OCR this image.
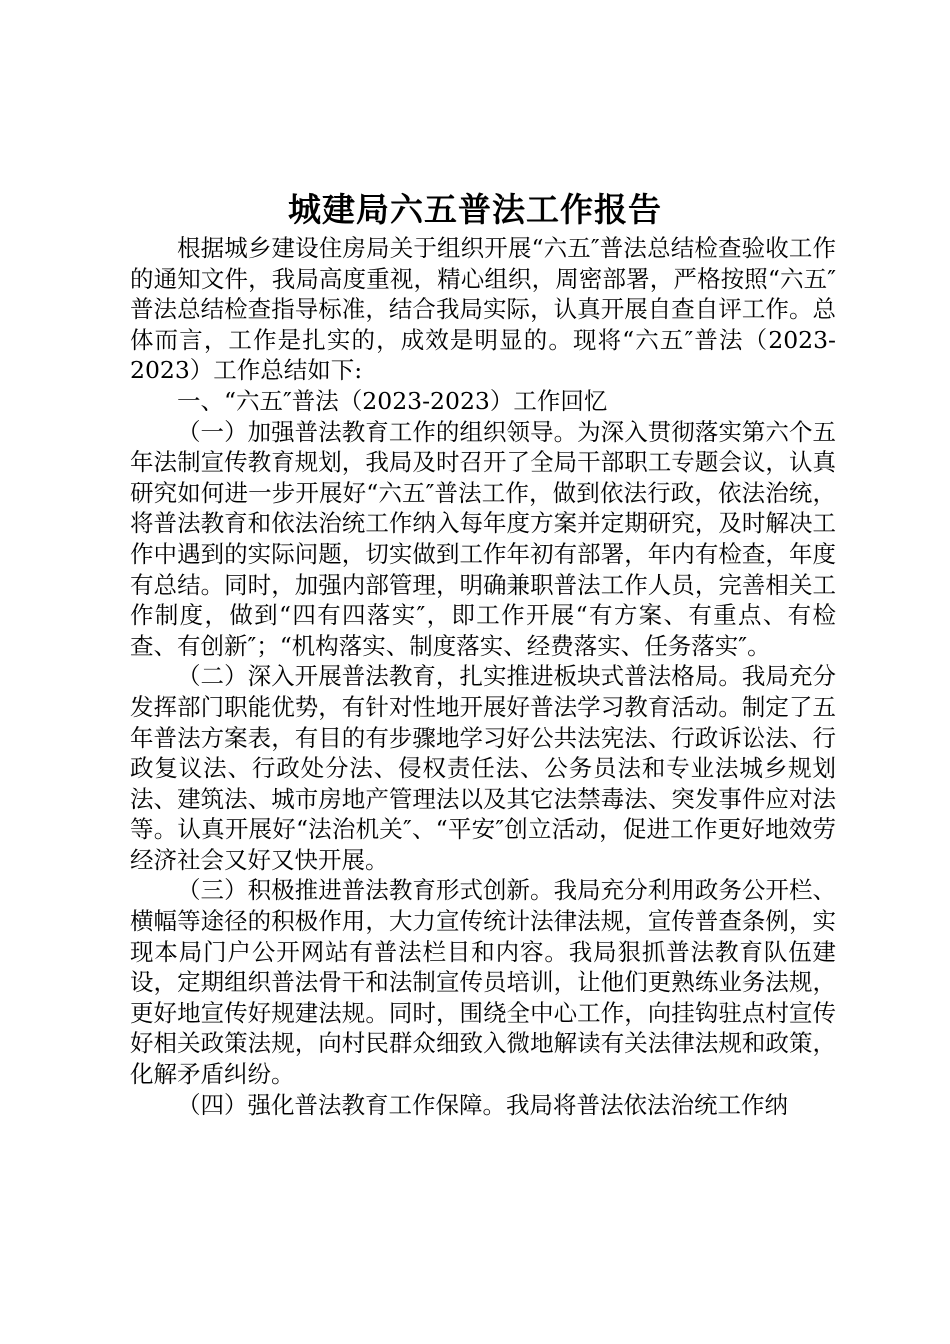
城建局六五普法工作报告

根据城乡建设住房局关于组织开展“六五″普法总结检查验收工作的通知文件，我局高度重视，精心组织，周密部署，严格按照“六五″普法总结检查指导标准，结合我局实际，认真开展自查自评工作。总体而言，工作是扎实的，成效是明显的。现将“六五″普法（2023-2023）工作总结如下:

一、“六五″普法（2023-2023）工作回忆

（一）加强普法教育工作的组织领导。为深入贯彻落实第六个五年法制宣传教育规划，我局及时召开了全局干部职工专题会议，认真研究如何进一步开展好“六五″普法工作，做到依法行政，依法治统，将普法教育和依法治统工作纳入每年度方案并定期研究，及时解决工作中遇到的实际问题，切实做到工作年初有部署，年内有检查，年度有总结。同时，加强内部管理，明确兼职普法工作人员，完善相关工作制度，做到“四有四落实″，即工作开展“有方案、有重点、有检查、有创新″；“机构落实、制度落实、经费落实、任务落实″。

（二）深入开展普法教育，扎实推进板块式普法格局。我局充分发挥部门职能优势，有针对性地开展好普法学习教育活动。制定了五年普法方案表，有目的有步骤地学习好公共法宪法、行政诉讼法、行政复议法、行政处分法、侵权责任法、公务员法和专业法城乡规划法、建筑法、城市房地产管理法以及其它法禁毒法、突发事件应对法等。认真开展好“法治机关″、“平安″创立活动，促进工作更好地效劳经济社会又好又快开展。

（三）积极推进普法教育形式创新。我局充分利用政务公开栏、横幅等途径的积极作用，大力宣传统计法律法规，宣传普查条例，实现本局门户公开网站有普法栏目和内容。我局狠抓普法教育队伍建设，定期组织普法骨干和法制宣传员培训，让他们更熟练业务法规，更好地宣传好规建法规。同时，围绕全中心工作，向挂钩驻点村宣传好相关政策法规，向村民群众细致入微地解读有关法律法规和政策，化解矛盾纠纷。

（四）强化普法教育工作保障。我局将普法依法治统工作纳
